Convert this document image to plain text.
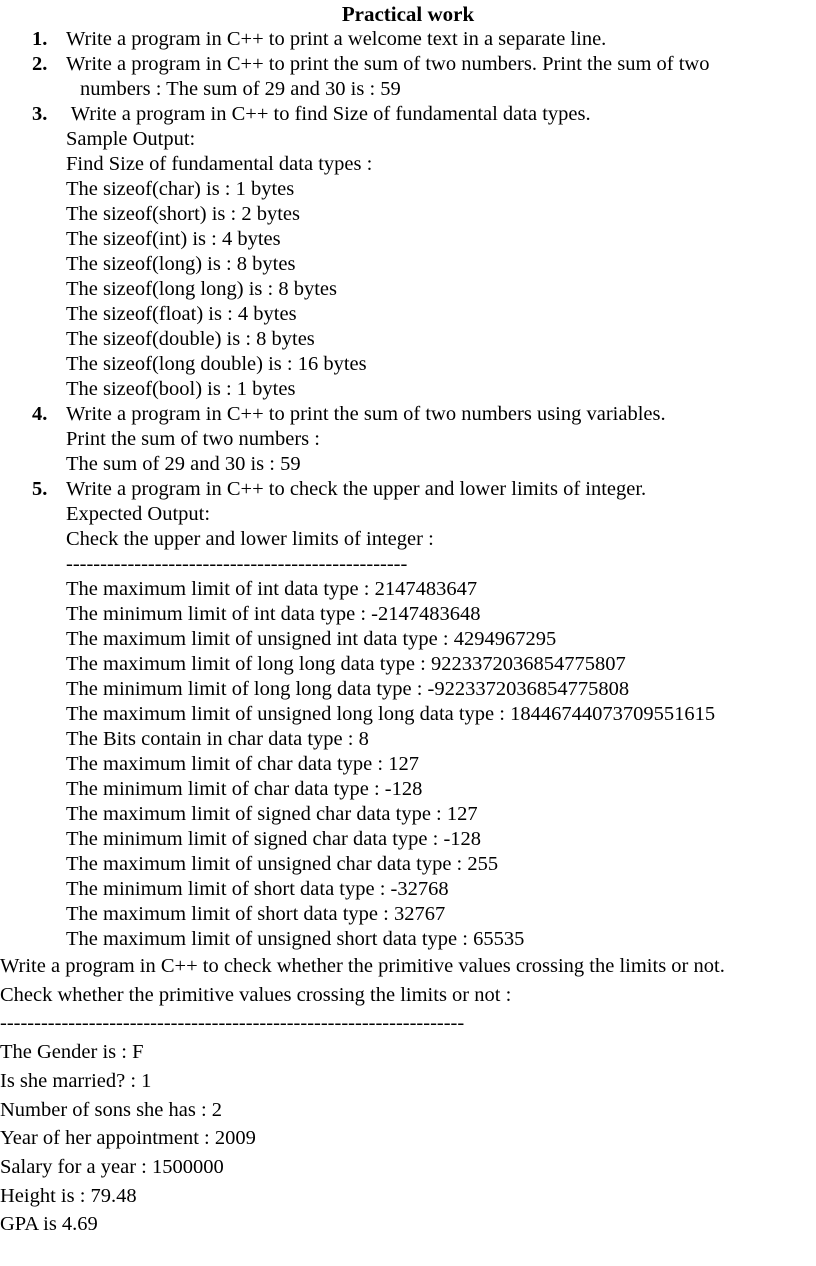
Practical work
1. Write a program in C++ to print a welcome text in a separate line.
2. Write a program in C++ to print the sum of two numbers. Print the sum of two
numbers : The sum of 29 and 30 is : 59
3. Write a program in C++ to find Size of fundamental data types.
Sample Output:
Find Size of fundamental data types :
The sizeof(char) is : 1 bytes
The sizeof(short) is : 2 bytes
The sizeof(int) is : 4 bytes
The sizeof(long) is : 8 bytes
The sizeof(long long) is : 8 bytes
The sizeof(float) is : 4 bytes
The sizeof(double) is : 8 bytes
The sizeof(long double) is : 16 bytes
The sizeof(bool) is : 1 bytes
4. Write a program in C++ to print the sum of two numbers using variables.
Print the sum of two numbers :
The sum of 29 and 30 is : 59
5. Write a program in C++ to check the upper and lower limits of integer.
Expected Output:
Check the upper and lower limits of integer :
--------------------------------------------------
The maximum limit of int data type : 2147483647
The minimum limit of int data type : -2147483648
The maximum limit of unsigned int data type : 4294967295
The maximum limit of long long data type : 9223372036854775807
The minimum limit of long long data type : -9223372036854775808
The maximum limit of unsigned long long data type : 18446744073709551615
The Bits contain in char data type : 8
The maximum limit of char data type : 127
The minimum limit of char data type : -128
The maximum limit of signed char data type : 127
The minimum limit of signed char data type : -128
The maximum limit of unsigned char data type : 255
The minimum limit of short data type : -32768
The maximum limit of short data type : 32767
The maximum limit of unsigned short data type : 65535
Write a program in C++ to check whether the primitive values crossing the limits or not.
Check whether the primitive values crossing the limits or not :
--------------------------------------------------------------------
The Gender is : F
Is she married? : 1
Number of sons she has : 2
Year of her appointment : 2009
Salary for a year : 1500000
Height is : 79.48
GPA is 4.69
